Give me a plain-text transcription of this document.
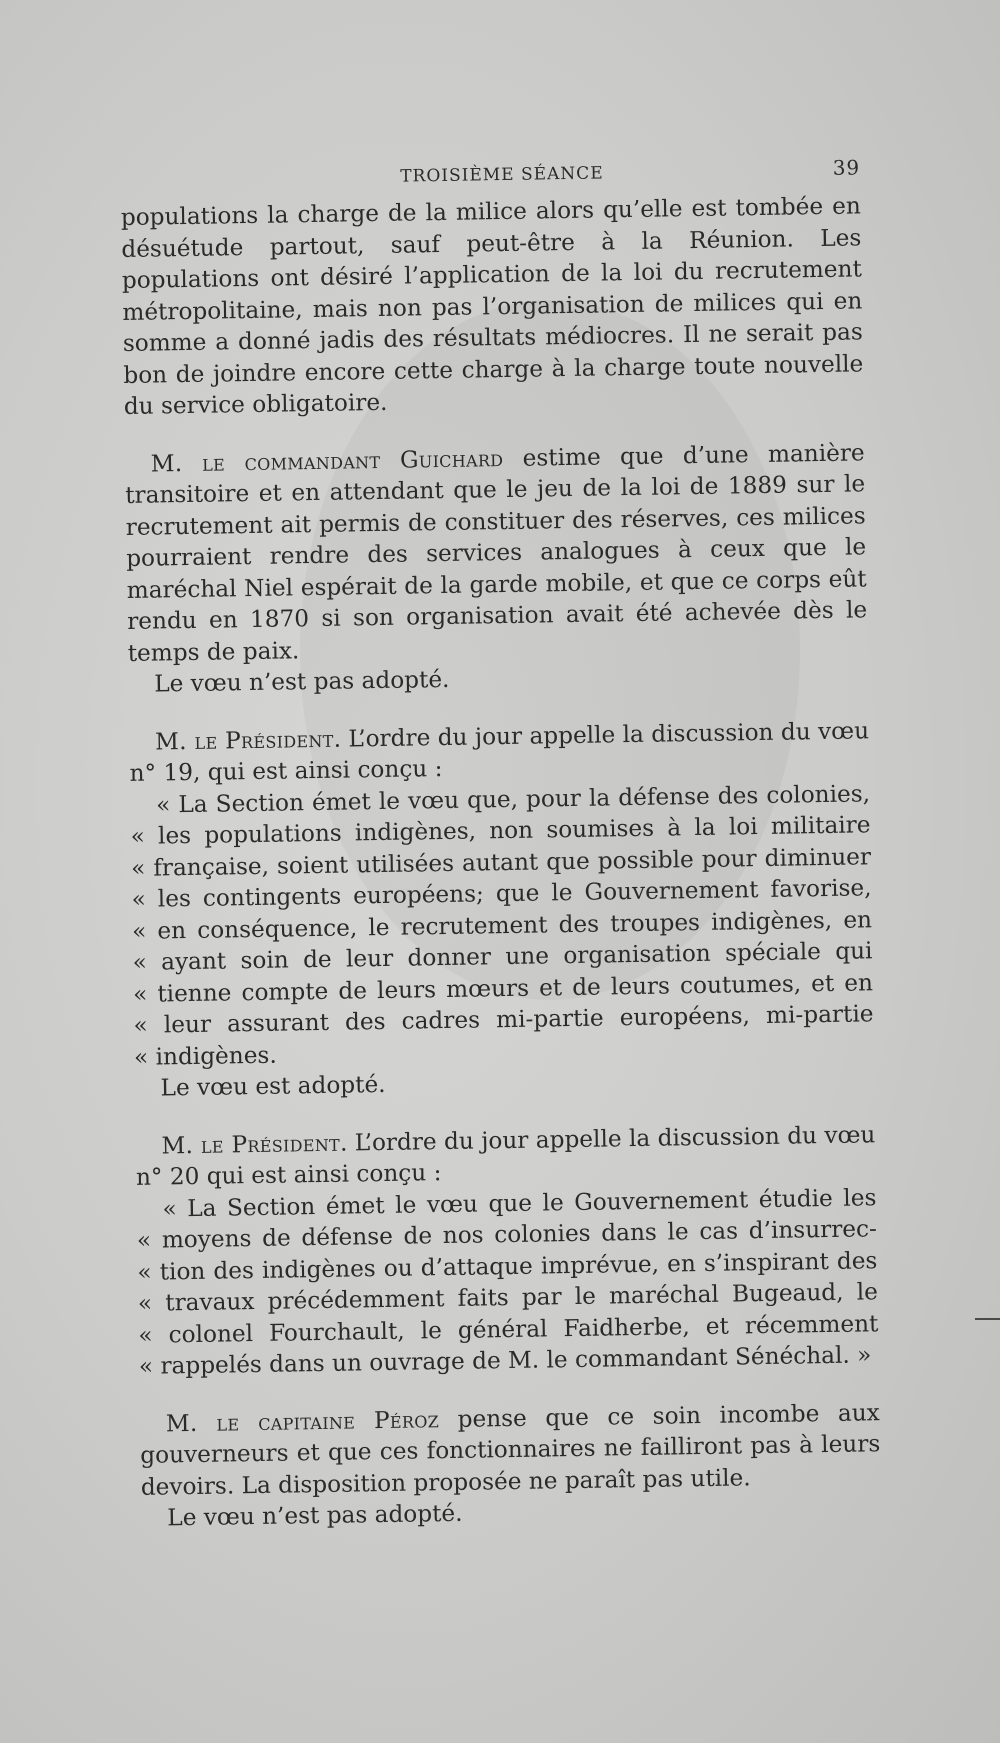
TROISIÈME SÉANCE	39

populations la charge de la milice alors qu’elle est tombée en désuétude partout, sauf peut-être à la Réunion. Les populations ont désiré l’application de la loi du recrutement métropolitaine, mais non pas l’organisation de milices qui en somme a donné jadis des résultats médiocres. Il ne serait pas bon de joindre encore cette charge à la charge toute nouvelle du service obligatoire.

M. le commandant Guichard estime que d’une manière transitoire et en attendant que le jeu de la loi de 1889 sur le recrutement ait permis de constituer des réserves, ces milices pourraient rendre des services analogues à ceux que le maréchal Niel espérait de la garde mobile, et que ce corps eût rendu en 1870 si son organisation avait été achevée dès le temps de paix.

Le vœu n’est pas adopté.

M. le Président. L’ordre du jour appelle la discussion du vœu n° 19, qui est ainsi conçu :

« La Section émet le vœu que, pour la défense des colonies,
« les populations indigènes, non soumises à la loi militaire
« française, soient utilisées autant que possible pour diminuer
« les contingents européens; que le Gouvernement favorise,
« en conséquence, le recrutement des troupes indigènes, en
« ayant soin de leur donner une organisation spéciale qui
« tienne compte de leurs mœurs et de leurs coutumes, et en
« leur assurant des cadres mi-partie européens, mi-partie
« indigènes.

Le vœu est adopté.

M. le Président. L’ordre du jour appelle la discussion du vœu n° 20 qui est ainsi conçu :

« La Section émet le vœu que le Gouvernement étudie les
« moyens de défense de nos colonies dans le cas d’insurrec-
« tion des indigènes ou d’attaque imprévue, en s’inspirant des
« travaux précédemment faits par le maréchal Bugeaud, le
« colonel Fourchault, le général Faidherbe, et récemment
« rappelés dans un ouvrage de M. le commandant Sénéchal. »

M. le capitaine Péroz pense que ce soin incombe aux gouverneurs et que ces fonctionnaires ne failliront pas à leurs devoirs. La disposition proposée ne paraît pas utile.

Le vœu n’est pas adopté.
